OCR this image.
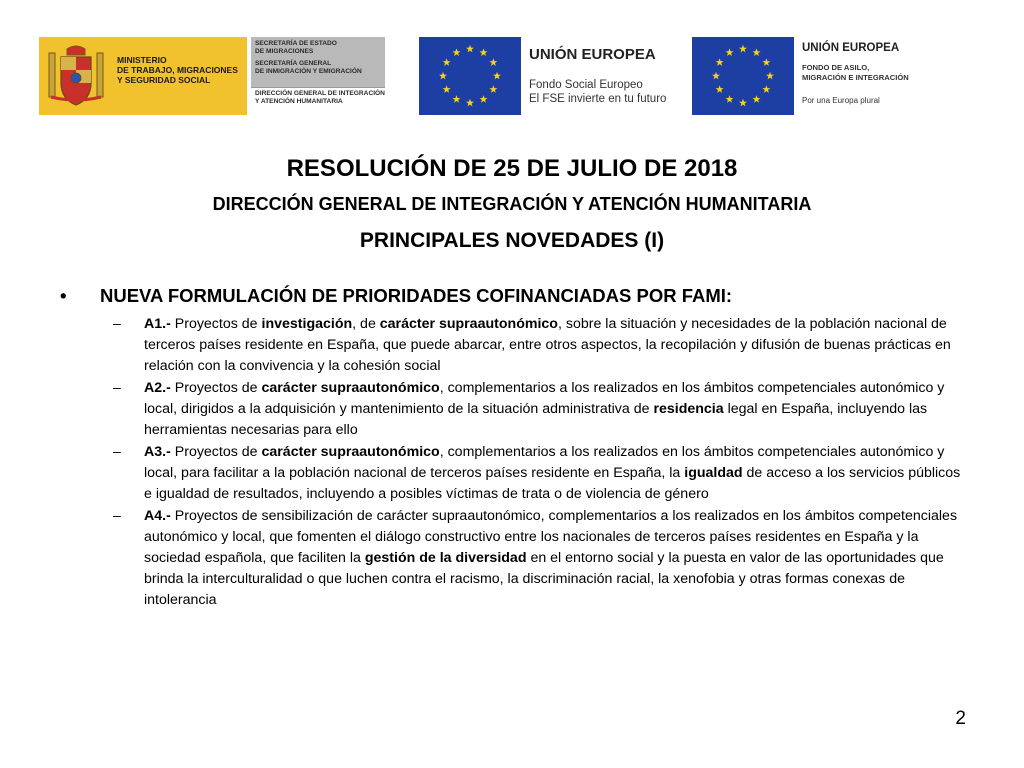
MINISTERIO
DE TRABAJO, MIGRACIONES
Y SEGURIDAD SOCIAL
SECRETARÍA DE ESTADO
DE MIGRACIONES
SECRETARÍA GENERAL
DE INMIGRACIÓN Y EMIGRACIÓN
DIRECCIÓN GENERAL DE INTEGRACIÓN
Y ATENCIÓN HUMANITARIA
UNIÓN EUROPEA
Fondo Social Europeo
El FSE invierte en tu futuro
UNIÓN EUROPEA
FONDO DE ASILO,
MIGRACIÓN E INTEGRACIÓN
Por una Europa plural
RESOLUCIÓN DE 25 DE JULIO DE 2018
DIRECCIÓN GENERAL DE INTEGRACIÓN Y ATENCIÓN HUMANITARIA
PRINCIPALES NOVEDADES (I)
• NUEVA FORMULACIÓN DE PRIORIDADES COFINANCIADAS POR FAMI:
– A1.- Proyectos de investigación, de carácter supraautonómico, sobre la situación y necesidades de la población nacional de terceros países residente en España, que puede abarcar, entre otros aspectos, la recopilación y difusión de buenas prácticas en relación con la convivencia y la cohesión social
– A2.- Proyectos de carácter supraautonómico, complementarios a los realizados en los ámbitos competenciales autonómico y local, dirigidos a la adquisición y mantenimiento de la situación administrativa de residencia legal en España, incluyendo las herramientas necesarias para ello
– A3.- Proyectos de carácter supraautonómico, complementarios a los realizados en los ámbitos competenciales autonómico y local, para facilitar a la población nacional de terceros países residente en España, la igualdad de acceso a los servicios públicos e igualdad de resultados, incluyendo a posibles víctimas de trata o de violencia de género
– A4.- Proyectos de sensibilización de carácter supraautonómico, complementarios a los realizados en los ámbitos competenciales autonómico y local, que fomenten el diálogo constructivo entre los nacionales de terceros países residentes en España y la sociedad española, que faciliten la gestión de la diversidad en el entorno social y la puesta en valor de las oportunidades que brinda la interculturalidad o que luchen contra el racismo, la discriminación racial, la xenofobia y otras formas conexas de intolerancia
2
